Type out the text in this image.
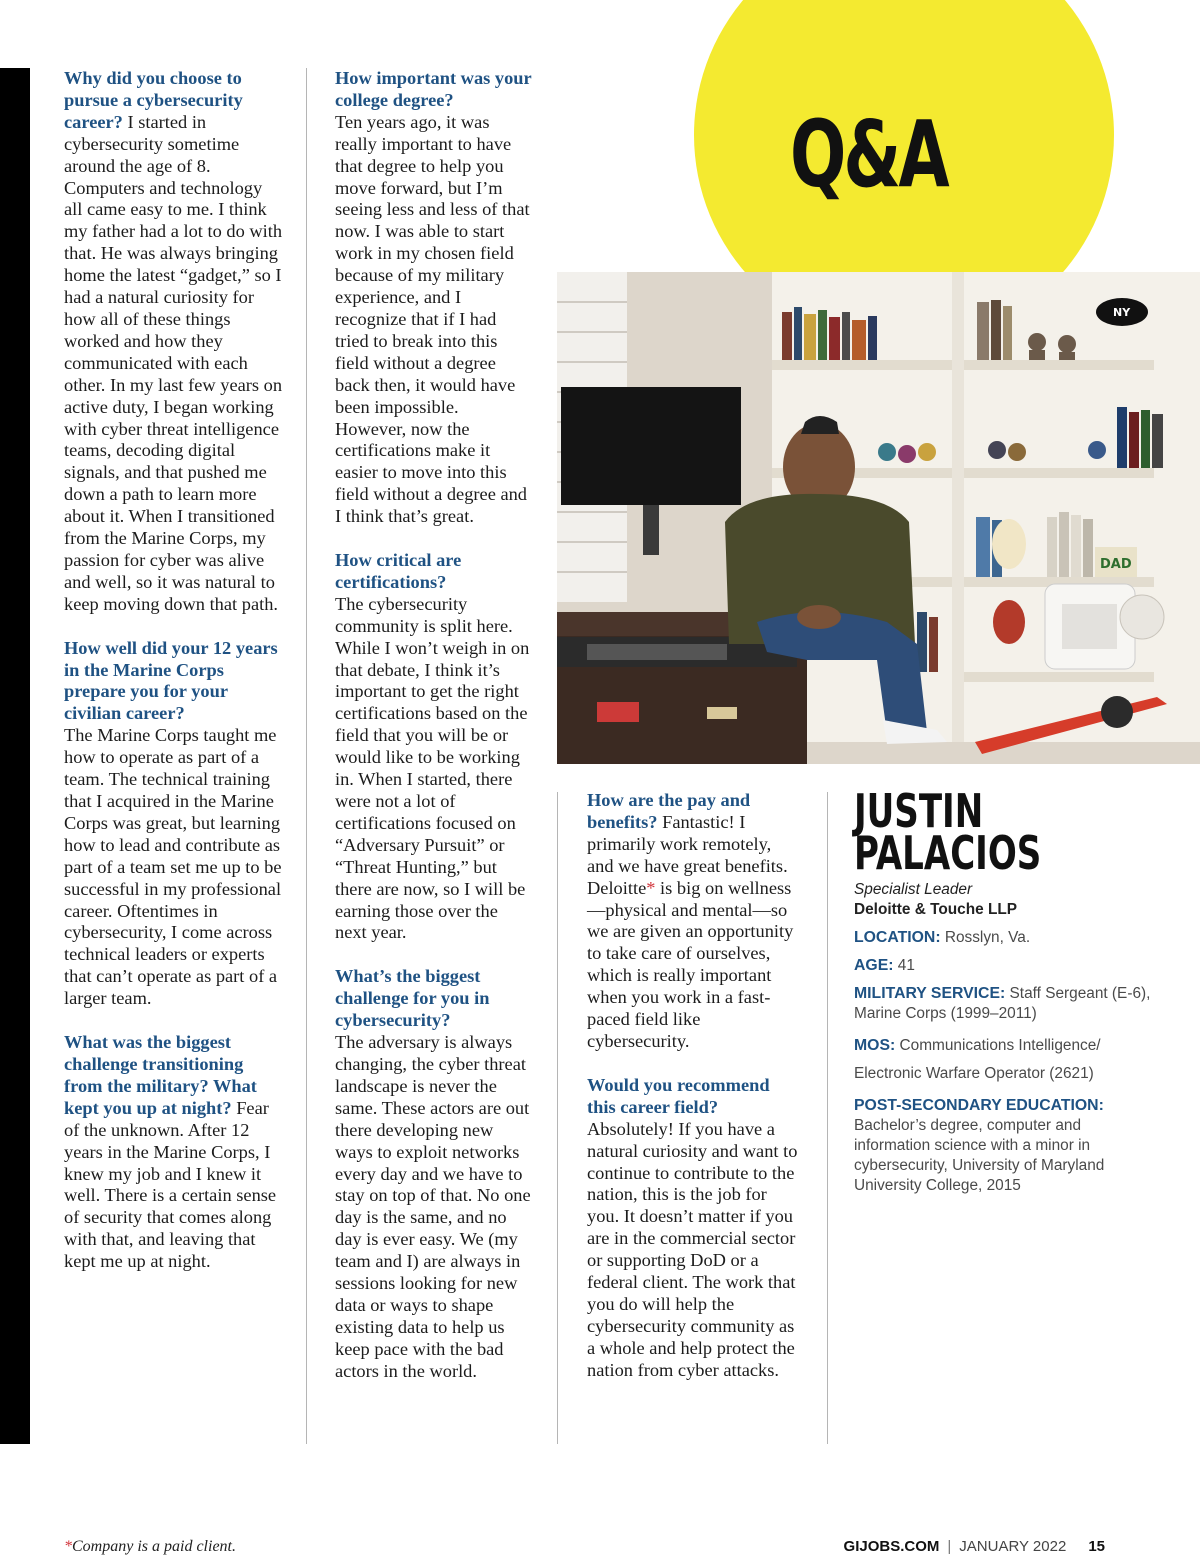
NY
DAD
Q&A

Why did you choose to pursue a cybersecurity career? I started in cybersecurity sometime around the age of 8. Computers and technology all came easy to me. I think my father had a lot to do with that. He was always bringing home the latest “gadget,” so I had a natural curiosity for how all of these things worked and how they communicated with each other. In my last few years on active duty, I began working with cyber threat intelligence teams, decoding digital signals, and that pushed me down a path to learn more about it. When I transitioned from the Marine Corps, my passion for cyber was alive and well, so it was natural to keep moving down that path.

How well did your 12 years in the Marine Corps prepare you for your civilian career?
The Marine Corps taught me how to operate as part of a team. The technical training that I acquired in the Marine Corps was great, but learning how to lead and contribute as part of a team set me up to be successful in my professional career. Oftentimes in cybersecurity, I come across technical leaders or experts that can’t operate as part of a larger team.

What was the biggest challenge transitioning from the military? What kept you up at night? Fear of the unknown. After 12 years in the Marine Corps, I knew my job and I knew it well. There is a certain sense of security that comes along with that, and leaving that kept me up at night.

How important was your college degree?
Ten years ago, it was really important to have that degree to help you move forward, but I’m seeing less and less of that now. I was able to start work in my chosen field because of my military experience, and I recognize that if I had tried to break into this field without a degree back then, it would have been impossible. However, now the certifications make it easier to move into this field without a degree and I think that’s great.

How critical are certifications?
The cybersecurity community is split here. While I won’t weigh in on that debate, I think it’s important to get the right certifications based on the field that you will be or would like to be working in. When I started, there were not a lot of certifications focused on “Adversary Pursuit” or “Threat Hunting,” but there are now, so I will be earning those over the next year.

What’s the biggest challenge for you in cybersecurity?
The adversary is always changing, the cyber threat landscape is never the same. These actors are out there developing new ways to exploit networks every day and we have to stay on top of that. No one day is the same, and no day is ever easy. We (my team and I) are always in sessions looking for new data or ways to shape existing data to help us keep pace with the bad actors in the world.

How are the pay and benefits? Fantastic! I primarily work remotely, and we have great benefits. Deloitte* is big on wellness—physical and mental—so we are given an opportunity to take care of ourselves, which is really important when you work in a fast-paced field like cybersecurity.

Would you recommend this career field?
Absolutely! If you have a natural curiosity and want to continue to contribute to the nation, this is the job for you. It doesn’t matter if you are in the commercial sector or supporting DoD or a federal client. The work that you do will help the cybersecurity community as a whole and help protect the nation from cyber attacks.

JUSTIN
PALACIOS
Specialist Leader
Deloitte & Touche LLP
LOCATION: Rosslyn, Va.
AGE: 41
MILITARY SERVICE: Staff Sergeant (E-6), Marine Corps (1999–2011)
MOS: Communications Intelligence/ Electronic Warfare Operator (2621)
POST-SECONDARY EDUCATION:
Bachelor’s degree, computer and information science with a minor in cybersecurity, University of Maryland University College, 2015
*Company is a paid client.	GIJOBS.COM | JANUARY 2022 15
